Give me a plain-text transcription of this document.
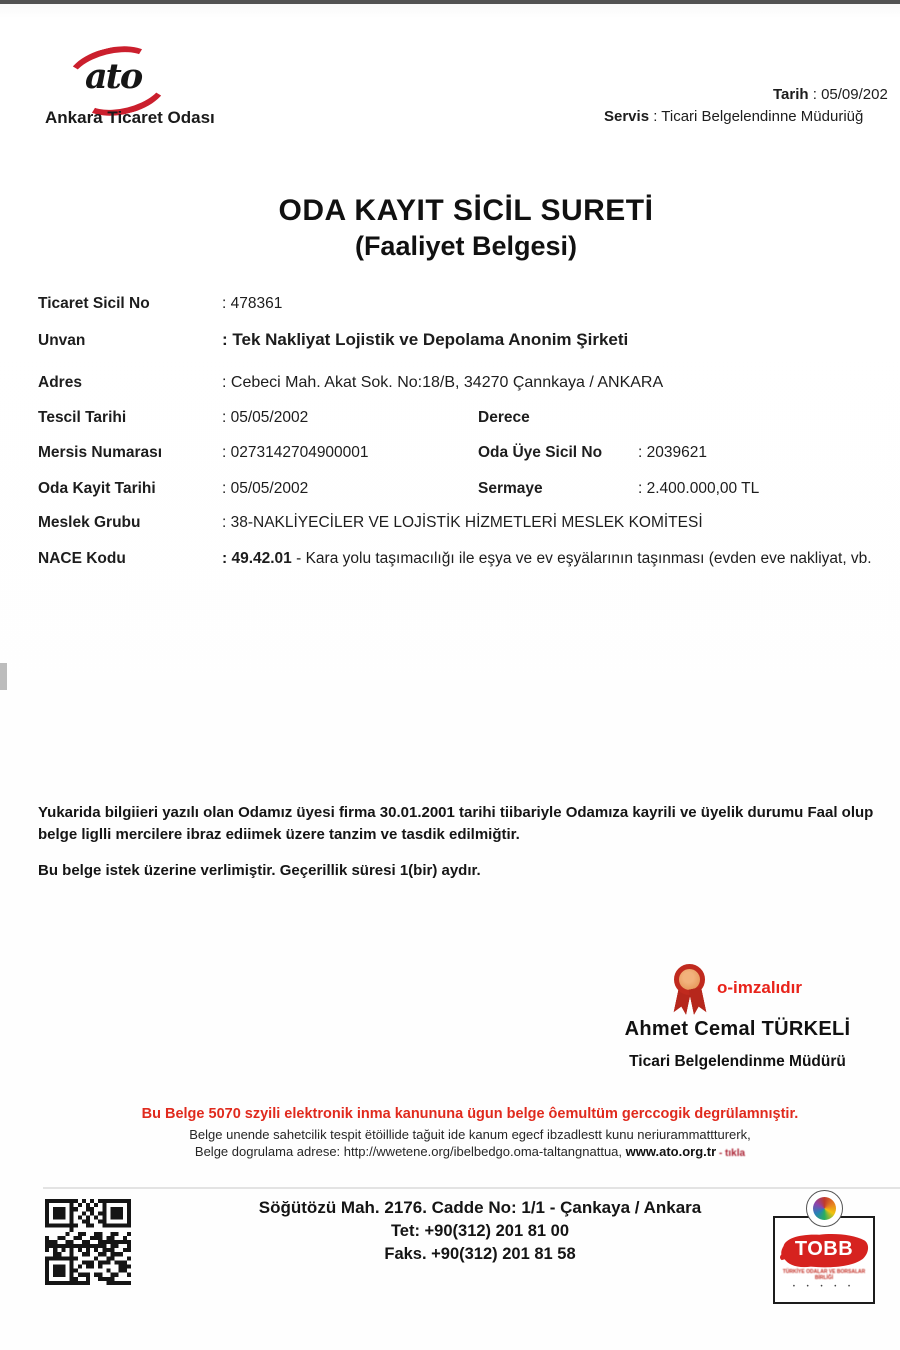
ato
Ankara Ticaret Odası
Tarih : 05/09/202
Servis : Ticari Belgelendinne Müduriüğ
ODA KAYIT SİCİL SURETİ
(Faaliyet Belgesi)
Ticaret Sicil No	: 478361
Unvan	: Tek Nakliyat Lojistik ve Depolama Anonim Şirketi
Adres	: Cebeci Mah. Akat Sok. No:18/B, 34270 Çannkaya / ANKARA
Tescil Tarihi	: 05/05/2002	Derece
Mersis Numarası	: 0273142704900001	Oda Üye Sicil No : 2039621
Oda Kayit Tarihi	: 05/05/2002	Sermaye	: 2.400.000,00 TL
Meslek Grubu	: 38-NAKLİYECİLER VE LOJİSTİK HİZMETLERİ MESLEK KOMİTESİ
NACE Kodu	: 49.42.01 - Kara yolu taşımacılığı ile eşya ve ev eşyälarının taşınması (evden eve nakliyat, vb.
Yukarida bilgiieri yazılı olan Odamız üyesi firma 30.01.2001 tarihi tiibariyle Odamıza kayrili ve üyelik durumu Faal olup belge liglli mercilere ibraz ediimek üzere tanzim ve tasdik edilmiğtir.
Bu belge istek üzerine verlimiştir. Geçerillik süresi 1(bir) aydır.
o-imzalıdır
Ahmet Cemal TÜRKELİ
Ticari Belgelendinme Müdürü
Bu Belge 5070 szyili elektronik inma kanununa ügun belge ôemultüm gerccogik degrülamnıştir.
Belge unende sahetcilik tespit ëtöillide tağuit ide kanum egecf ibzadlestt kunu neriurammattturerk,
Belge dogrulama adrese: http://wwetene.org/ibelbedgo.oma-taltangnattua, www.ato.org.tr - tıkla
Söğütözü Mah. 2176. Cadde No: 1/1 - Çankaya / Ankara
Tet: +90(312) 201 81 00
Faks. +90(312) 201 81 58	TOBB
TÜRKİYE ODALAR VE BORSALAR
BİRLİĞİ
• • • • •
